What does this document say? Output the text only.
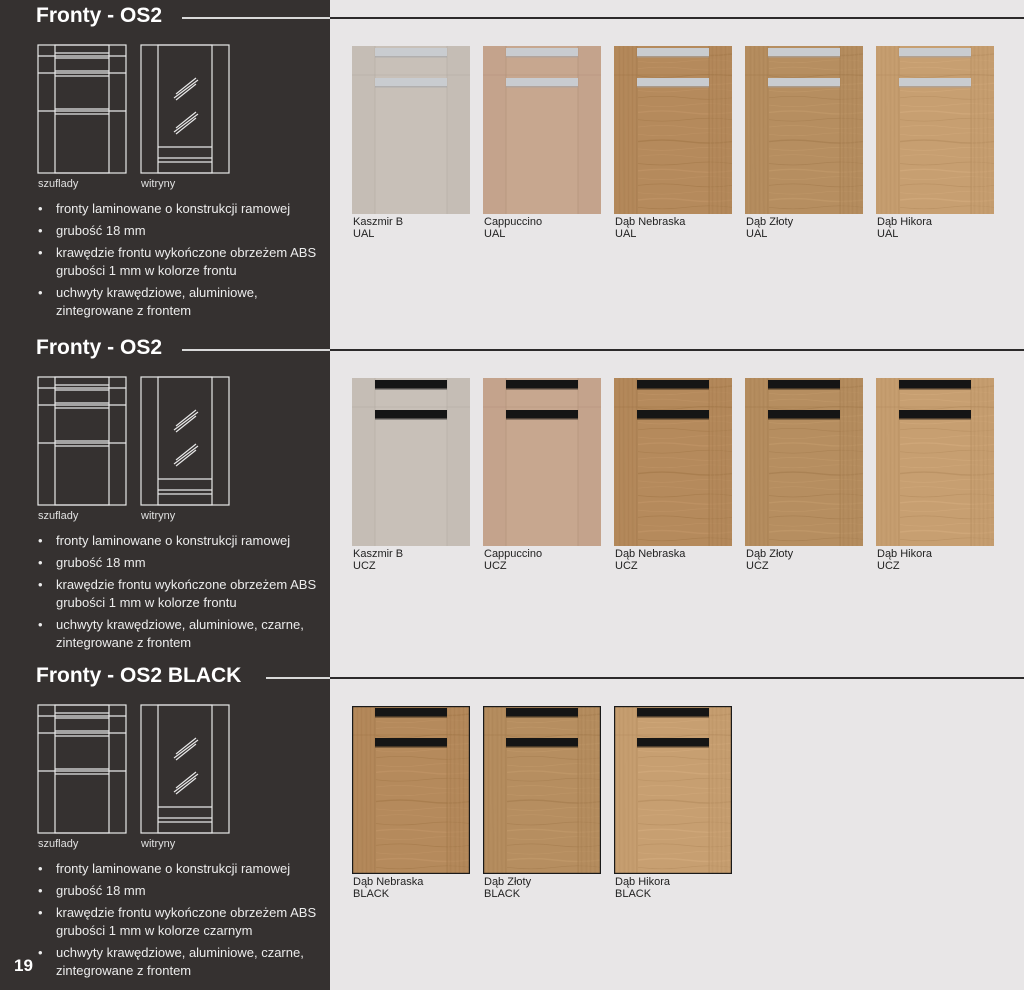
Fronty - OS2
szuflady	witryny
• fronty laminowane o konstrukcji ramowej
• grubość 18 mm
• krawędzie frontu wykończone obrzeżem ABS grubości 1 mm w kolorze frontu
• uchwyty krawędziowe, aluminiowe, zintegrowane z frontem
Kaszmir B
UAL
Cappuccino
UAL
Dąb Nebraska
UAL
Dąb Złoty
UAL
Dąb Hikora
UAL
Fronty - OS2
szuflady	witryny
• fronty laminowane o konstrukcji ramowej
• grubość 18 mm
• krawędzie frontu wykończone obrzeżem ABS grubości 1 mm w kolorze frontu
• uchwyty krawędziowe, aluminiowe, czarne, zintegrowane z frontem
Kaszmir B
UCZ
Cappuccino
UCZ
Dąb Nebraska
UCZ
Dąb Złoty
UCZ
Dąb Hikora
UCZ
Fronty - OS2 BLACK
szuflady	witryny
• fronty laminowane o konstrukcji ramowej
• grubość 18 mm
• krawędzie frontu wykończone obrzeżem ABS grubości 1 mm w kolorze czarnym
• uchwyty krawędziowe, aluminiowe, czarne, zintegrowane z frontem
Dąb Nebraska
BLACK
Dąb Złoty
BLACK
Dąb Hikora
BLACK
19
